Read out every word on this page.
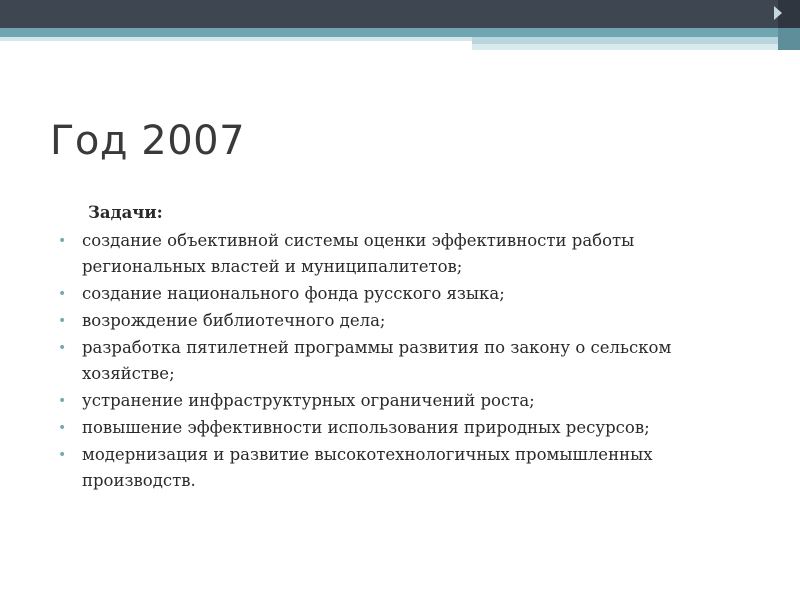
Год 2007

Задачи:

• создание объективной системы оценки эффективности работы региональных властей и муниципалитетов;
• создание национального фонда русского языка;
• возрождение библиотечного дела;
• разработка пятилетней программы развития по закону о сельском хозяйстве;
• устранение инфраструктурных ограничений роста;
• повышение эффективности использования природных ресурсов;
• модернизация и развитие высокотехнологичных промышленных производств.
